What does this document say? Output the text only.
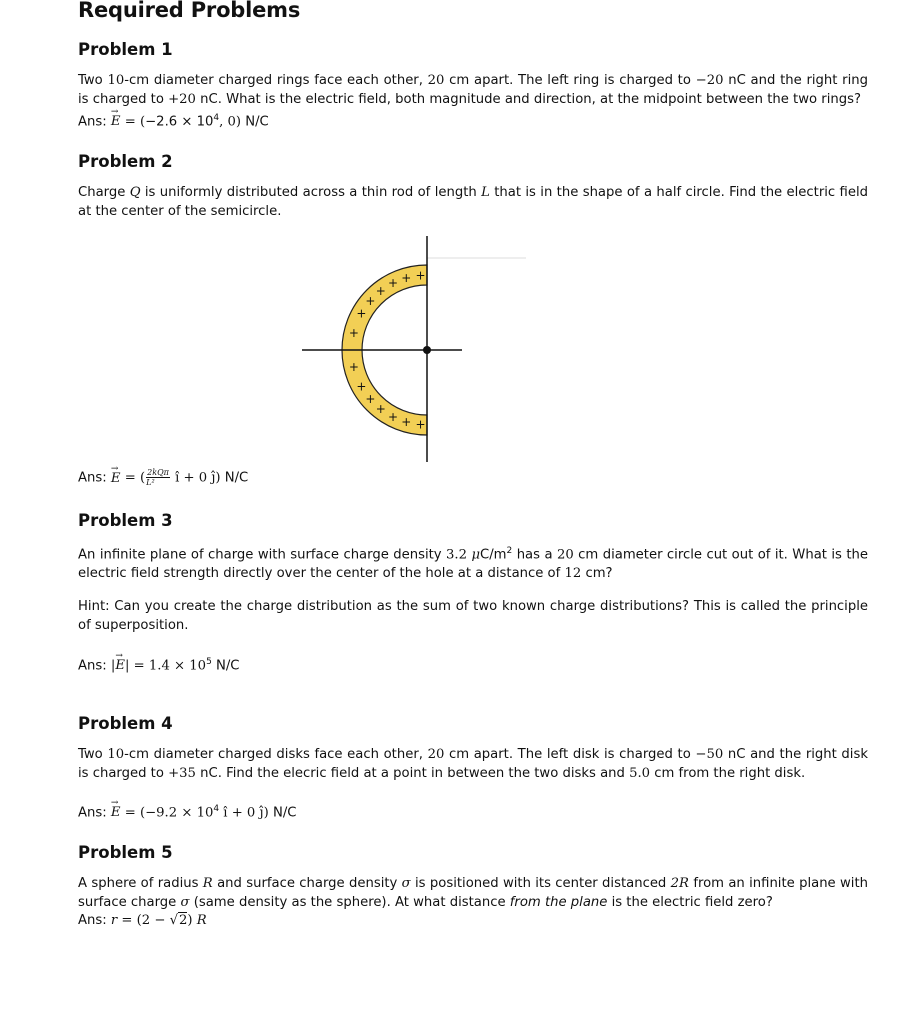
Required Problems
Problem 1
Two 10-cm diameter charged rings face each other, 20 cm apart. The left ring is charged to −20 nC and the right ring is charged to +20 nC. What is the electric field, both magnitude and direction, at the midpoint between the two rings?
Ans: → $E = (-2.6 \times 10^4$, 0) N/C
Problem 2
Charge Q is uniformly distributed across a thin rod of length L that is in the shape of a half circle. Find the electric field at the center of the semicircle.
+
+
+
+
+
+
+
+
+
+
+
+ + +
Ans: → E = ( $\frac{\text{2kQπ}}{\text{L²}}$ î + 0 ĵ) N/C
Problem 3
An infinite plane of charge with surface charge density 3.2 $\mu C/m^2$ has a 20 cm diameter circle cut out of it. What is the electric field strength directly over the center of the hole at a distance of 12 cm?
Hint: Can you create the charge distribution as the sum of two known charge distributions? This is called the principle of superposition.
Ans: |→ $E| = 1.4 \times 10^5$ N/C
Problem 4
Two 10-cm diameter charged disks face each other, 20 cm apart. The left disk is charged to −50 nC and the right disk is charged to +35 nC. Find the elecric field at a point in between the two disks and 5.0 cm from the right disk.
Ans: → $E = (-9.2 \times 10^4$ î + 0 ĵ) N/C
Problem 5
A sphere of radius R and surface charge density σ is positioned with its center distanced 2R from an infinite plane with surface charge σ (same density as the sphere). At what distance from the plane is the electric field zero?
Ans: r = (2 − √2) R
